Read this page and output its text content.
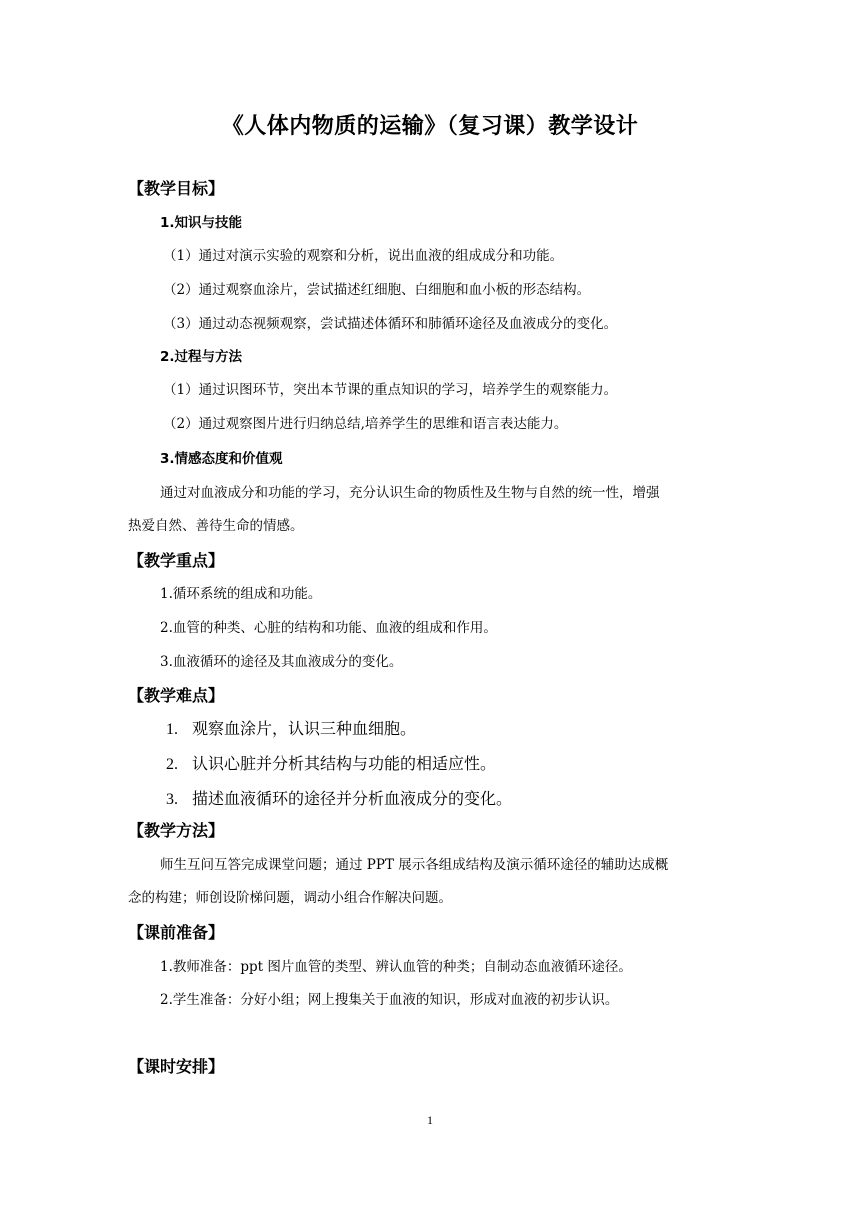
《人体内物质的运输》（复习课）教学设计
【教学目标】
1.知识与技能
（1）通过对演示实验的观察和分析，说出血液的组成成分和功能。
（2）通过观察血涂片，尝试描述红细胞、白细胞和血小板的形态结构。
（3）通过动态视频观察，尝试描述体循环和肺循环途径及血液成分的变化。
2.过程与方法
（1）通过识图环节，突出本节课的重点知识的学习，培养学生的观察能力。
（2）通过观察图片进行归纳总结,培养学生的思维和语言表达能力。
3.情感态度和价值观
通过对血液成分和功能的学习，充分认识生命的物质性及生物与自然的统一性，增强
热爱自然、善待生命的情感。
【教学重点】
1.循环系统的组成和功能。
2.血管的种类、心脏的结构和功能、血液的组成和作用。
3.血液循环的途径及其血液成分的变化。
【教学难点】
1. 观察血涂片，认识三种血细胞。
2. 认识心脏并分析其结构与功能的相适应性。
3. 描述血液循环的途径并分析血液成分的变化。
【教学方法】
师生互问互答完成课堂问题；通过 PPT 展示各组成结构及演示循环途径的辅助达成概
念的构建；师创设阶梯问题，调动小组合作解决问题。
【课前准备】
1.教师准备：ppt 图片血管的类型、辨认血管的种类；自制动态血液循环途径。
2.学生准备：分好小组；网上搜集关于血液的知识，形成对血液的初步认识。
【课时安排】
1
